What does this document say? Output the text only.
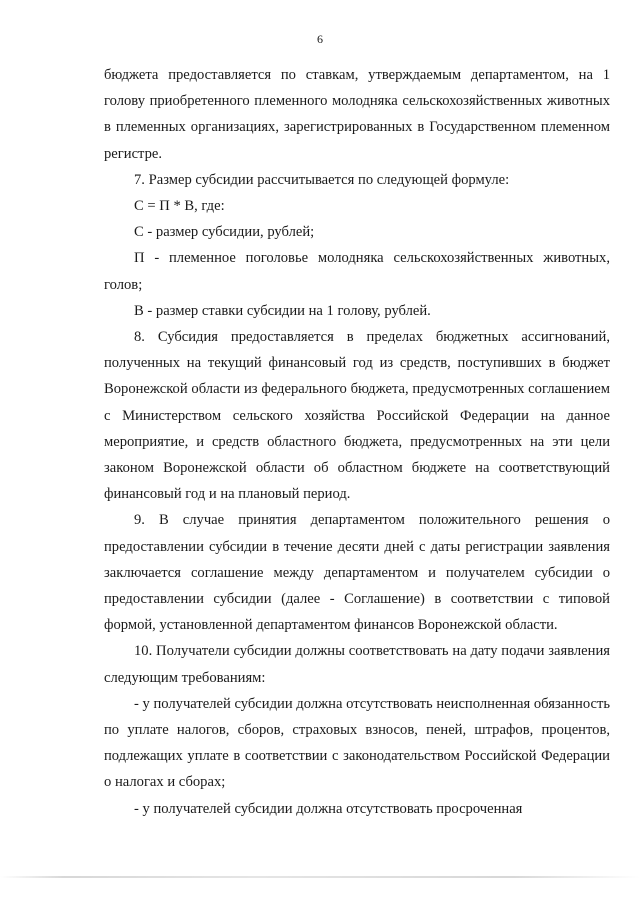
6

бюджета предоставляется по ставкам, утверждаемым департаментом, на 1 голову приобретенного племенного молодняка сельскохозяйственных животных в племенных организациях, зарегистрированных в Государственном племенном регистре.

7. Размер субсидии рассчитывается по следующей формуле:

С = П * В, где:

С - размер субсидии, рублей;

П - племенное поголовье молодняка сельскохозяйственных животных, голов;

В - размер ставки субсидии на 1 голову, рублей.

8. Субсидия предоставляется в пределах бюджетных ассигнований, полученных на текущий финансовый год из средств, поступивших в бюджет Воронежской области из федерального бюджета, предусмотренных соглашением с Министерством сельского хозяйства Российской Федерации на данное мероприятие, и средств областного бюджета, предусмотренных на эти цели законом Воронежской области об областном бюджете на соответствующий финансовый год и на плановый период.

9. В случае принятия департаментом положительного решения о предоставлении субсидии в течение десяти дней с даты регистрации заявления заключается соглашение между департаментом и получателем субсидии о предоставлении субсидии (далее - Соглашение) в соответствии с типовой формой, установленной департаментом финансов Воронежской области.

10. Получатели субсидии должны соответствовать на дату подачи заявления следующим требованиям:

- у получателей субсидии должна отсутствовать неисполненная обязанность по уплате налогов, сборов, страховых взносов, пеней, штрафов, процентов, подлежащих уплате в соответствии с законодательством Российской Федерации о налогах и сборах;

- у получателей субсидии должна отсутствовать просроченная
